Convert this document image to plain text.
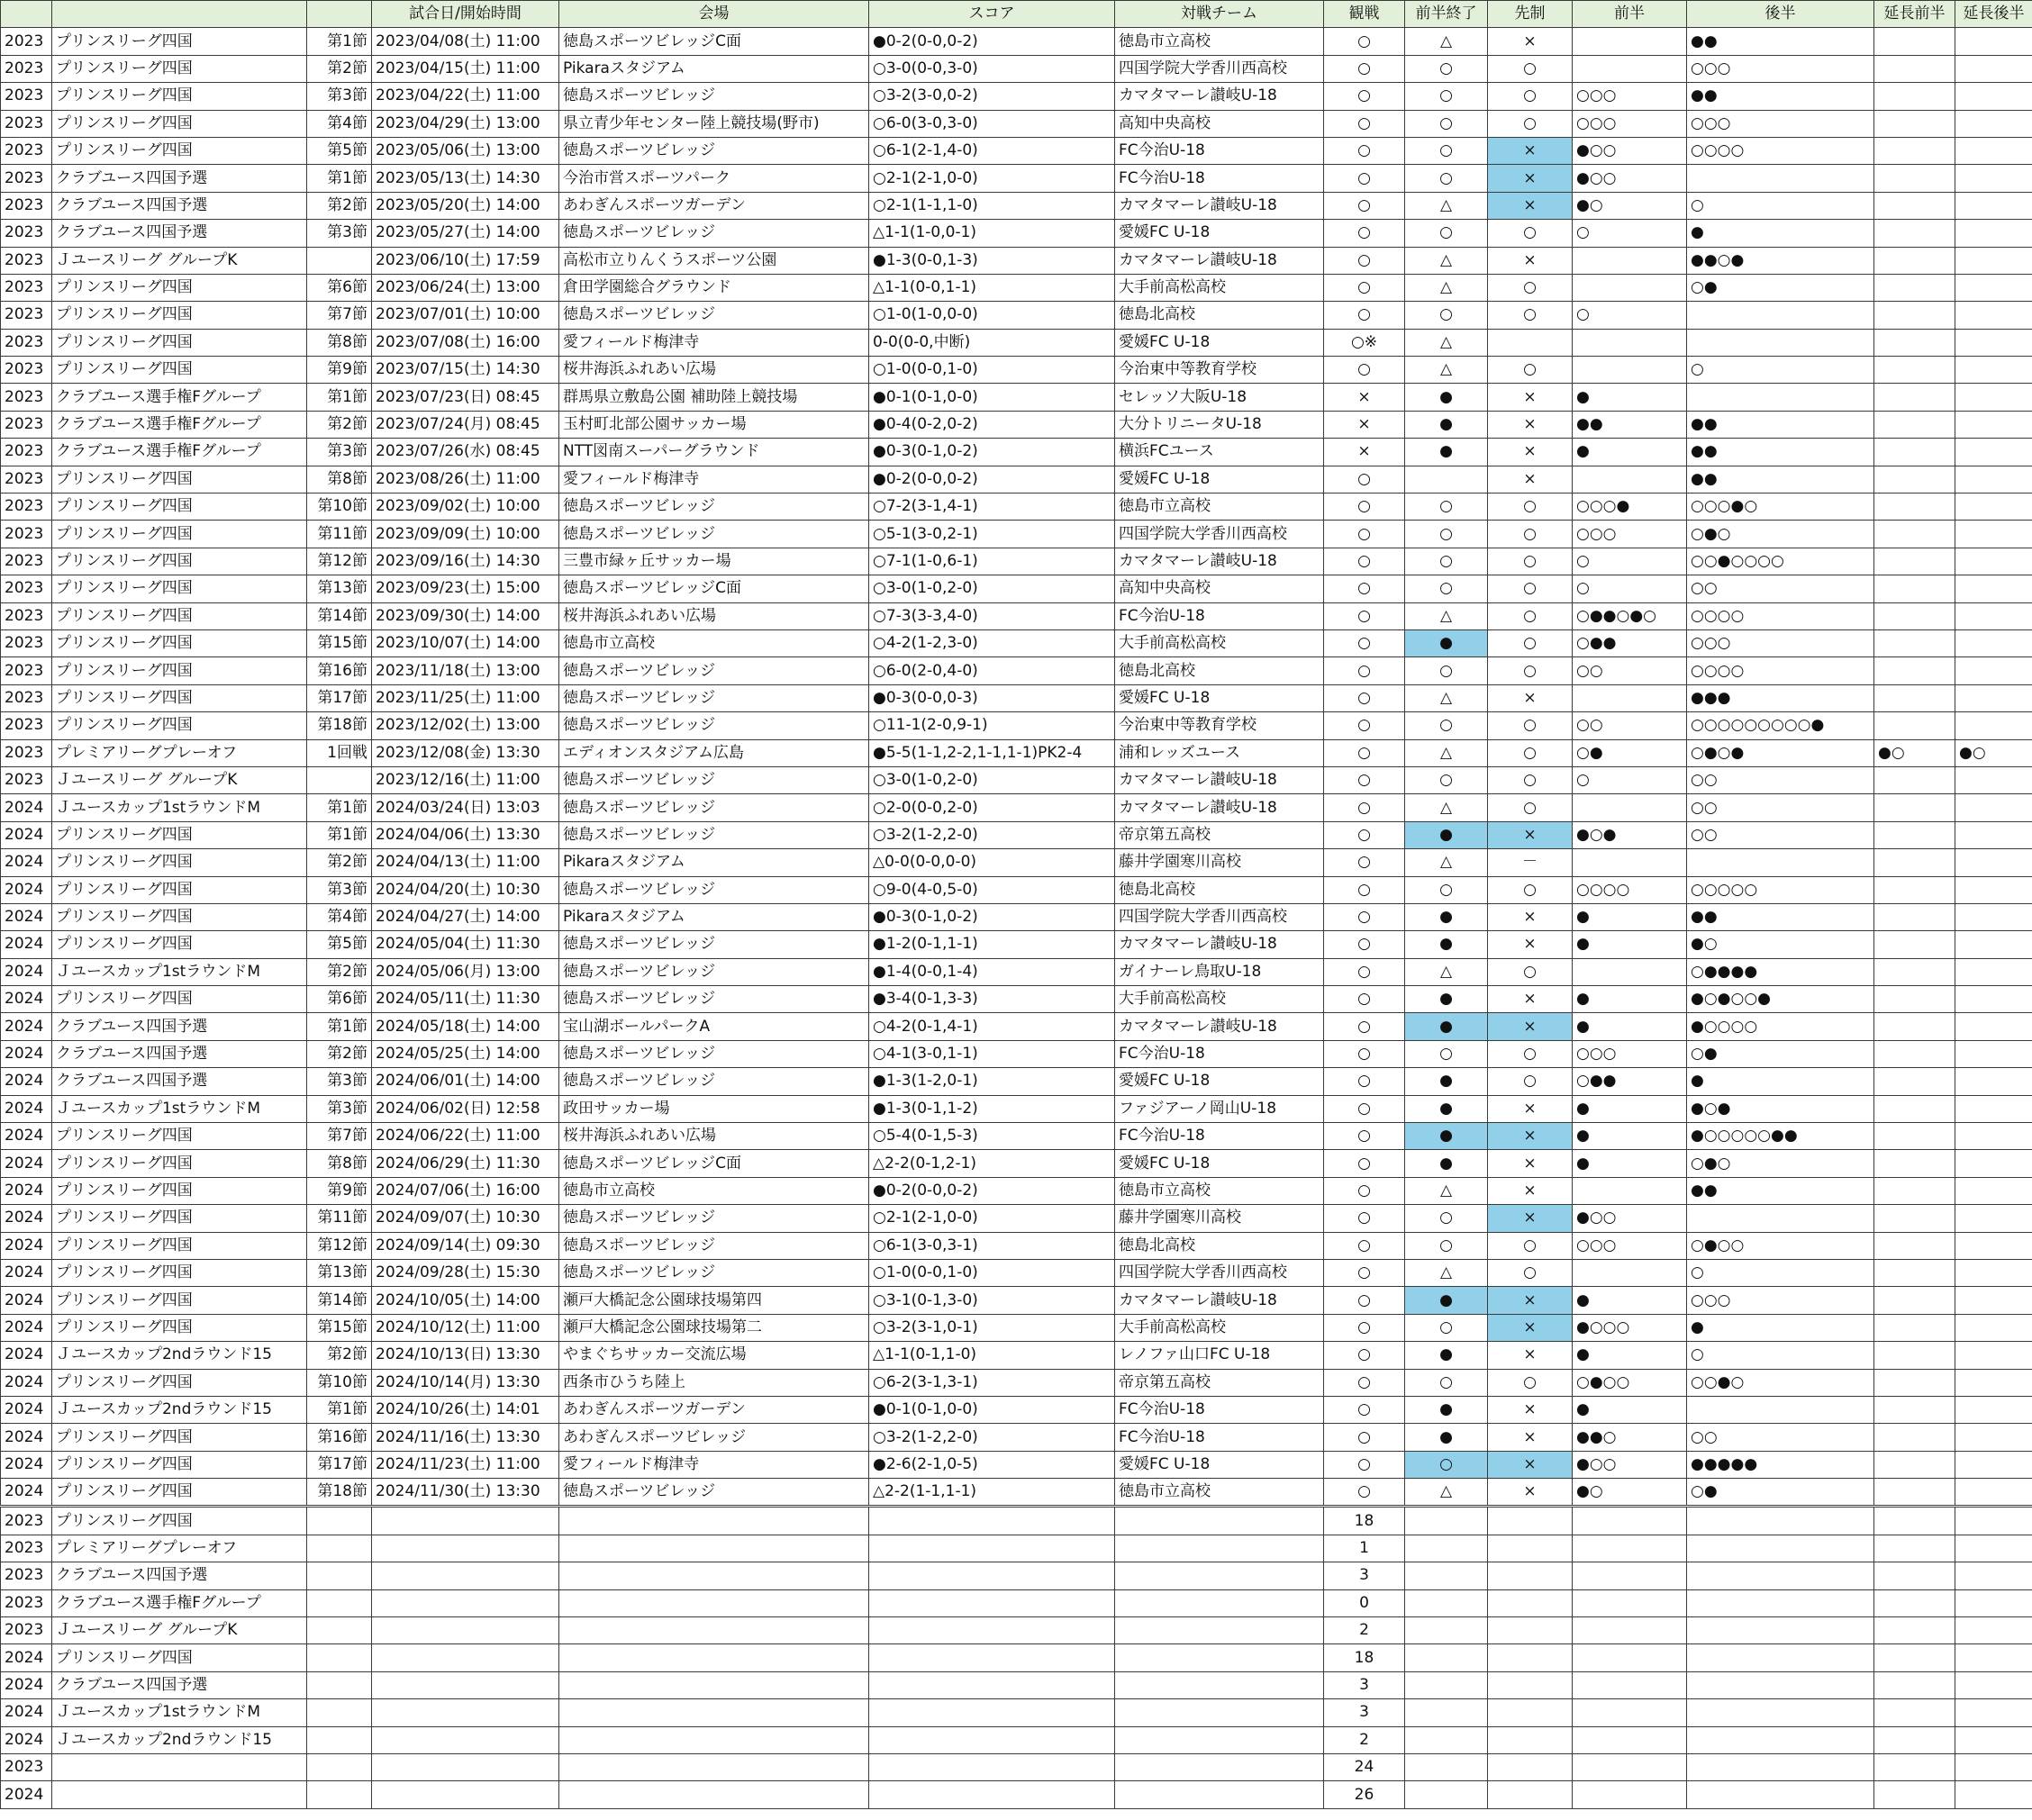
			試合日/開始時間	会場	スコア	対戦チーム	観戦	前半終了	先制	前半	後半	延長前半	延長後半
2023	プリンスリーグ四国	第1節	2023/04/08(土) 11:00	徳島スポーツビレッジC面	●0-2(0-0,0-2)	徳島市立高校	○	△	×		●●		
2023	プリンスリーグ四国	第2節	2023/04/15(土) 11:00	Pikaraスタジアム	○3-0(0-0,3-0)	四国学院大学香川西高校	○	○	○		○○○		
2023	プリンスリーグ四国	第3節	2023/04/22(土) 11:00	徳島スポーツビレッジ	○3-2(3-0,0-2)	カマタマーレ讃岐U-18	○	○	○	○○○	●●		
2023	プリンスリーグ四国	第4節	2023/04/29(土) 13:00	県立青少年センター陸上競技場(野市)	○6-0(3-0,3-0)	高知中央高校	○	○	○	○○○	○○○		
2023	プリンスリーグ四国	第5節	2023/05/06(土) 13:00	徳島スポーツビレッジ	○6-1(2-1,4-0)	FC今治U-18	○	○	×	●○○	○○○○		
2023	クラブユース四国予選	第1節	2023/05/13(土) 14:30	今治市営スポーツパーク	○2-1(2-1,0-0)	FC今治U-18	○	○	×	●○○			
2023	クラブユース四国予選	第2節	2023/05/20(土) 14:00	あわぎんスポーツガーデン	○2-1(1-1,1-0)	カマタマーレ讃岐U-18	○	△	×	●○	○		
2023	クラブユース四国予選	第3節	2023/05/27(土) 14:00	徳島スポーツビレッジ	△1-1(1-0,0-1)	愛媛FC U-18	○	○	○	○	●		
2023	Ｊユースリーグ グループK		2023/06/10(土) 17:59	高松市立りんくうスポーツ公園	●1-3(0-0,1-3)	カマタマーレ讃岐U-18	○	△	×		●●○●		
2023	プリンスリーグ四国	第6節	2023/06/24(土) 13:00	倉田学園総合グラウンド	△1-1(0-0,1-1)	大手前高松高校	○	△	○		○●		
2023	プリンスリーグ四国	第7節	2023/07/01(土) 10:00	徳島スポーツビレッジ	○1-0(1-0,0-0)	徳島北高校	○	○	○	○			
2023	プリンスリーグ四国	第8節	2023/07/08(土) 16:00	愛フィールド梅津寺	0-0(0-0,中断)	愛媛FC U-18	○※	△					
2023	プリンスリーグ四国	第9節	2023/07/15(土) 14:30	桜井海浜ふれあい広場	○1-0(0-0,1-0)	今治東中等教育学校	○	△	○		○		
2023	クラブユース選手権Fグループ	第1節	2023/07/23(日) 08:45	群馬県立敷島公園 補助陸上競技場	●0-1(0-1,0-0)	セレッソ大阪U-18	×	●	×	●			
2023	クラブユース選手権Fグループ	第2節	2023/07/24(月) 08:45	玉村町北部公園サッカー場	●0-4(0-2,0-2)	大分トリニータU-18	×	●	×	●●	●●		
2023	クラブユース選手権Fグループ	第3節	2023/07/26(水) 08:45	NTT図南スーパーグラウンド	●0-3(0-1,0-2)	横浜FCユース	×	●	×	●	●●		
2023	プリンスリーグ四国	第8節	2023/08/26(土) 11:00	愛フィールド梅津寺	●0-2(0-0,0-2)	愛媛FC U-18	○		×		●●		
2023	プリンスリーグ四国	第10節	2023/09/02(土) 10:00	徳島スポーツビレッジ	○7-2(3-1,4-1)	徳島市立高校	○	○	○	○○○●	○○○●○		
2023	プリンスリーグ四国	第11節	2023/09/09(土) 10:00	徳島スポーツビレッジ	○5-1(3-0,2-1)	四国学院大学香川西高校	○	○	○	○○○	○●○		
2023	プリンスリーグ四国	第12節	2023/09/16(土) 14:30	三豊市緑ヶ丘サッカー場	○7-1(1-0,6-1)	カマタマーレ讃岐U-18	○	○	○	○	○○●○○○○		
2023	プリンスリーグ四国	第13節	2023/09/23(土) 15:00	徳島スポーツビレッジC面	○3-0(1-0,2-0)	高知中央高校	○	○	○	○	○○		
2023	プリンスリーグ四国	第14節	2023/09/30(土) 14:00	桜井海浜ふれあい広場	○7-3(3-3,4-0)	FC今治U-18	○	△	○	○●●○●○	○○○○		
2023	プリンスリーグ四国	第15節	2023/10/07(土) 14:00	徳島市立高校	○4-2(1-2,3-0)	大手前高松高校	○	●	○	○●●	○○○		
2023	プリンスリーグ四国	第16節	2023/11/18(土) 13:00	徳島スポーツビレッジ	○6-0(2-0,4-0)	徳島北高校	○	○	○	○○	○○○○		
2023	プリンスリーグ四国	第17節	2023/11/25(土) 11:00	徳島スポーツビレッジ	●0-3(0-0,0-3)	愛媛FC U-18	○	△	×		●●●		
2023	プリンスリーグ四国	第18節	2023/12/02(土) 13:00	徳島スポーツビレッジ	○11-1(2-0,9-1)	今治東中等教育学校	○	○	○	○○	○○○○○○○○○●		
2023	プレミアリーグプレーオフ	1回戦	2023/12/08(金) 13:30	エディオンスタジアム広島	●5-5(1-1,2-2,1-1,1-1)PK2-4	浦和レッズユース	○	△	○	○●	○●○●	●○	●○
2023	Ｊユースリーグ グループK		2023/12/16(土) 11:00	徳島スポーツビレッジ	○3-0(1-0,2-0)	カマタマーレ讃岐U-18	○	○	○	○	○○		
2024	Ｊユースカップ1stラウンドM	第1節	2024/03/24(日) 13:03	徳島スポーツビレッジ	○2-0(0-0,2-0)	カマタマーレ讃岐U-18	○	△	○		○○		
2024	プリンスリーグ四国	第1節	2024/04/06(土) 13:30	徳島スポーツビレッジ	○3-2(1-2,2-0)	帝京第五高校	○	●	×	●○●	○○		
2024	プリンスリーグ四国	第2節	2024/04/13(土) 11:00	Pikaraスタジアム	△0-0(0-0,0-0)	藤井学園寒川高校	○	△	－				
2024	プリンスリーグ四国	第3節	2024/04/20(土) 10:30	徳島スポーツビレッジ	○9-0(4-0,5-0)	徳島北高校	○	○	○	○○○○	○○○○○		
2024	プリンスリーグ四国	第4節	2024/04/27(土) 14:00	Pikaraスタジアム	●0-3(0-1,0-2)	四国学院大学香川西高校	○	●	×	●	●●		
2024	プリンスリーグ四国	第5節	2024/05/04(土) 11:30	徳島スポーツビレッジ	●1-2(0-1,1-1)	カマタマーレ讃岐U-18	○	●	×	●	●○		
2024	Ｊユースカップ1stラウンドM	第2節	2024/05/06(月) 13:00	徳島スポーツビレッジ	●1-4(0-0,1-4)	ガイナーレ鳥取U-18	○	△	○		○●●●●		
2024	プリンスリーグ四国	第6節	2024/05/11(土) 11:30	徳島スポーツビレッジ	●3-4(0-1,3-3)	大手前高松高校	○	●	×	●	●○●○○●		
2024	クラブユース四国予選	第1節	2024/05/18(土) 14:00	宝山湖ボールパークA	○4-2(0-1,4-1)	カマタマーレ讃岐U-18	○	●	×	●	●○○○○		
2024	クラブユース四国予選	第2節	2024/05/25(土) 14:00	徳島スポーツビレッジ	○4-1(3-0,1-1)	FC今治U-18	○	○	○	○○○	○●		
2024	クラブユース四国予選	第3節	2024/06/01(土) 14:00	徳島スポーツビレッジ	●1-3(1-2,0-1)	愛媛FC U-18	○	●	○	○●●	●		
2024	Ｊユースカップ1stラウンドM	第3節	2024/06/02(日) 12:58	政田サッカー場	●1-3(0-1,1-2)	ファジアーノ岡山U-18	○	●	×	●	●○●		
2024	プリンスリーグ四国	第7節	2024/06/22(土) 11:00	桜井海浜ふれあい広場	○5-4(0-1,5-3)	FC今治U-18	○	●	×	●	●○○○○○●●		
2024	プリンスリーグ四国	第8節	2024/06/29(土) 11:30	徳島スポーツビレッジC面	△2-2(0-1,2-1)	愛媛FC U-18	○	●	×	●	○●○		
2024	プリンスリーグ四国	第9節	2024/07/06(土) 16:00	徳島市立高校	●0-2(0-0,0-2)	徳島市立高校	○	△	×		●●		
2024	プリンスリーグ四国	第11節	2024/09/07(土) 10:30	徳島スポーツビレッジ	○2-1(2-1,0-0)	藤井学園寒川高校	○	○	×	●○○			
2024	プリンスリーグ四国	第12節	2024/09/14(土) 09:30	徳島スポーツビレッジ	○6-1(3-0,3-1)	徳島北高校	○	○	○	○○○	○●○○		
2024	プリンスリーグ四国	第13節	2024/09/28(土) 15:30	徳島スポーツビレッジ	○1-0(0-0,1-0)	四国学院大学香川西高校	○	△	○		○		
2024	プリンスリーグ四国	第14節	2024/10/05(土) 14:00	瀬戸大橋記念公園球技場第四	○3-1(0-1,3-0)	カマタマーレ讃岐U-18	○	●	×	●	○○○		
2024	プリンスリーグ四国	第15節	2024/10/12(土) 11:00	瀬戸大橋記念公園球技場第二	○3-2(3-1,0-1)	大手前高松高校	○	○	×	●○○○	●		
2024	Ｊユースカップ2ndラウンド15	第2節	2024/10/13(日) 13:30	やまぐちサッカー交流広場	△1-1(0-1,1-0)	レノファ山口FC U-18	○	●	×	●	○		
2024	プリンスリーグ四国	第10節	2024/10/14(月) 13:30	西条市ひうち陸上	○6-2(3-1,3-1)	帝京第五高校	○	○	○	○●○○	○○●○		
2024	Ｊユースカップ2ndラウンド15	第1節	2024/10/26(土) 14:01	あわぎんスポーツガーデン	●0-1(0-1,0-0)	FC今治U-18	○	●	×	●			
2024	プリンスリーグ四国	第16節	2024/11/16(土) 13:30	あわぎんスポーツビレッジ	○3-2(1-2,2-0)	FC今治U-18	○	●	×	●●○	○○		
2024	プリンスリーグ四国	第17節	2024/11/23(土) 11:00	愛フィールド梅津寺	●2-6(2-1,0-5)	愛媛FC U-18	○	○	×	●○○	●●●●●		
2024	プリンスリーグ四国	第18節	2024/11/30(土) 13:30	徳島スポーツビレッジ	△2-2(1-1,1-1)	徳島市立高校	○	△	×	●○	○●		
2023	プリンスリーグ四国						18						
2023	プレミアリーグプレーオフ						1						
2023	クラブユース四国予選						3						
2023	クラブユース選手権Fグループ						0						
2023	Ｊユースリーグ グループK						2						
2024	プリンスリーグ四国						18						
2024	クラブユース四国予選						3						
2024	Ｊユースカップ1stラウンドM						3						
2024	Ｊユースカップ2ndラウンド15						2						
2023							24						
2024							26						
